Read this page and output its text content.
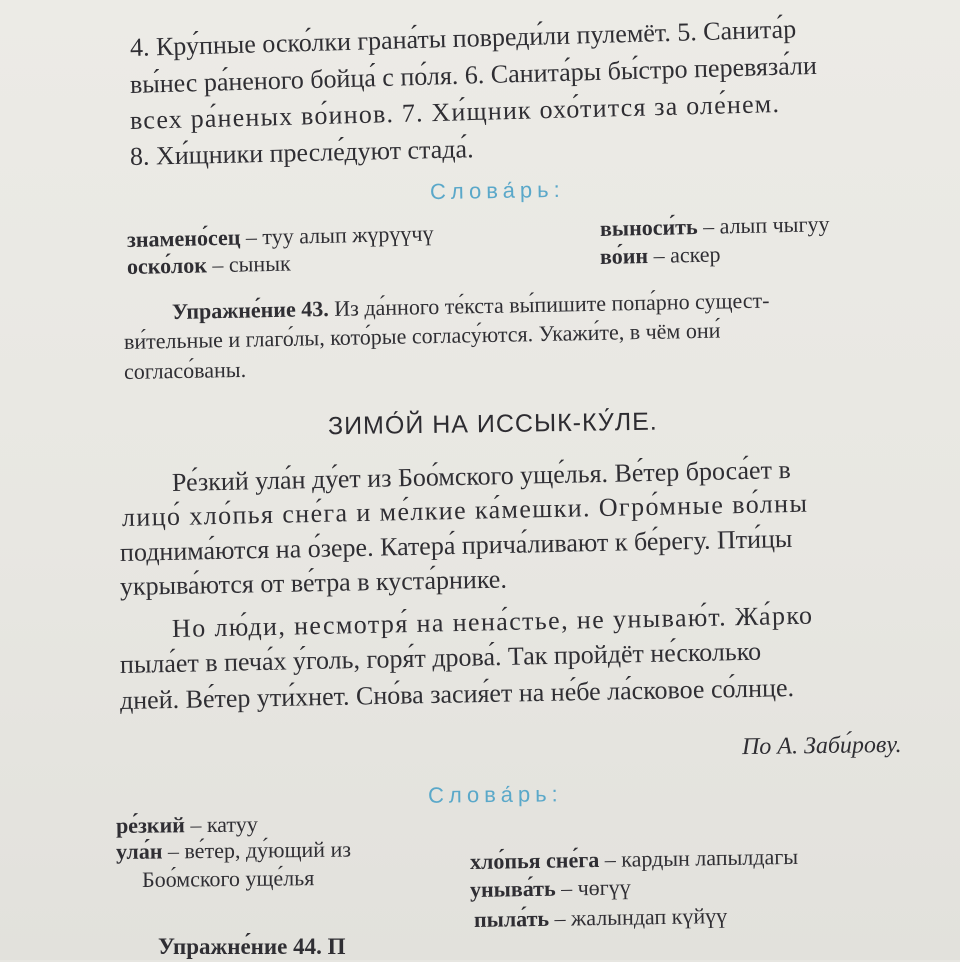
4. Кру́пные оско́лки грана́ты повреди́ли пулемёт. 5. Санита́р
вы́нес ра́неного бойца́ с по́ля. 6. Санита́ры бы́стро перевяза́ли
всех ра́неных во́инов. 7. Хи́щник охо́тится за оле́нем.
8. Хи́щники пресле́дуют стада́.
Слова́рь:
знамено́сец – туу алып жүрүүчү
оско́лок – сынык
выноси́ть – алып чыгуу
во́ин – аскер
Упражне́ние 43. Из да́нного те́кста вы́пишите попа́рно сущест-
ви́тельные и глаго́лы, кото́рые согласу́ются. Укажи́те, в чём они́
согласо́ваны.
ЗИМО́Й НА ИССЫК-КУ́ЛЕ.
Ре́зкий ула́н ду́ет из Боо́мского уще́лья. Ве́тер броса́ет в
лицо́ хло́пья сне́га и ме́лкие ка́мешки. Огро́мные во́лны
поднима́ются на о́зере. Катера́ прича́ливают к бе́регу. Пти́цы
укрыва́ются от ве́тра в куста́рнике.
Но лю́ди, несмотря́ на нена́стье, не унываю́т. Жа́рко
пыла́ет в печа́х у́голь, горя́т дрова́. Так пройдёт не́сколько
дней. Ве́тер ути́хнет. Сно́ва засия́ет на не́бе ла́сковое со́лнце.
По А. Заби́рову.
Слова́рь:
ре́зкий – катуу
ула́н – ве́тер, ду́ющий из
Боо́мского уще́лья
хло́пья сне́га – кардын лапылдагы
уныва́ть – чөгүү
пыла́ть – жалындап күйүү
Упражне́ние 44. П
